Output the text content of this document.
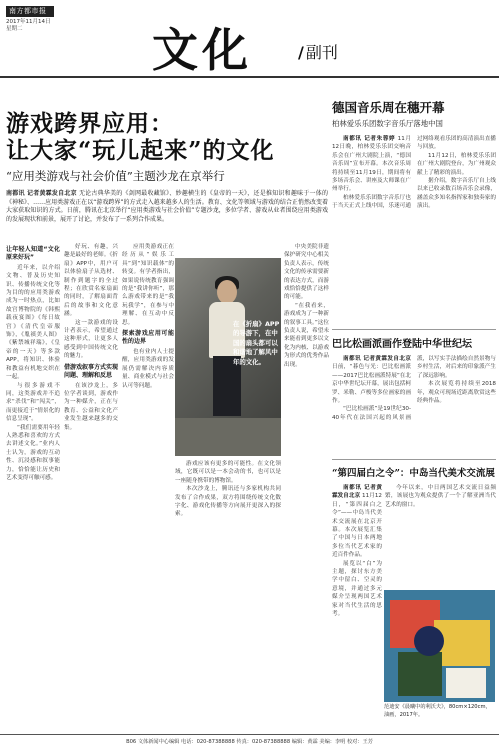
南方都市报
2017年11月14日
星期二	文化	/ 副刊
游戏跨界应用：
让大家“玩儿起来”的文化
“应用类游戏与社会价值”主题沙龙在京举行
南都讯 记者黄霖发自北京 无论古典华美的《剑网最收藏馆》、妙趣横生的《皇帝的一天》，还是推知识和趣味于一体的《神秘》、……应用类游戏正在以“游戏跨界”的方式走入越来越多人的生活。教育、文化等领域与游戏的结合正悄然改变着大家获取知识的方式。日前，腾讯在北京举行“应用类游戏与社会价值”专题沙龙，多位学者、游戏从业者围绕应用类游戏的发展现状和前景，展开了讨论，并发布了一系列合作成果。
让年轻人知道“文化原来好玩”

近年来，以介绍文物、普及历史知识、传播传统文化等为目的的应用类游戏成为一时热点，比如故宫博物院的《韩熙载夜宴图》《每日故宫》《清代皇帝服饰》，《胤禛美人图》《紫禁城祥瑞》，《皇帝的一天》等多款APP，将知识、体验和教益有机地交织在一起。

与很多游戏不同，这类游戏并不追求“杀伐”和“闯关”，而更接近于“情景化的信息呈现”。

“我们需要用年轻人熟悉和喜欢的方式去讲述文化。”业内人士认为，游戏的互动性、沉浸感和叙事能力，恰恰能让历史和艺术变得可触可感。

好玩、有趣，兴趣是最好的老师。《折扇》APP中，用户可以体验扇子从选材、制作到题字的全过程；在欣赏名家扇面的同时，了解扇面背后的故事和文化意涵。

这一款游戏的设计者表示，希望通过这种形式，让更多人感受到中国传统文化的魅力。

借游戏叙事方式实现 问题、理解和反思

在该沙龙上，多位学者谈到，游戏作为一种媒介，正在与教育、公益和文化产业发生越来越多的交集。

应用类游戏正在经历从“娱乐工具”到“知识载体”的转变。有学者指出，如果说传统教育强调的是“我讲你听”，那么游戏带来的是“我玩我学”，在参与中理解、在互动中反思。

探索游戏应用可能性的边界

也有业内人士提醒，应用类游戏的发展仍需解决内容质量、商业模式与社会认可等问题。

在《折扇》APP的导游下，在中国的扇头都可以和谐地了解风中年的文化。

游戏应该有更多的可能性。在文化领域，它既可以是一本会动的书，也可以是一座随身携带的博物馆。

本次沙龙上，腾讯还与多家机构共同发布了合作成果，双方将围绕传统文化数字化、游戏化传播等方向展开更深入的探索。

中央美院非遗保护研究中心相关负责人表示，传统文化的传承需要新的表达方式，而游戏恰恰提供了这样的可能。

“在我看来，游戏成为了一种新的叙事工具。”这位负责人说，希望未来能看到更多以文化为内核、以游戏为形式的优秀作品出现。

德国音乐周在穗开幕
柏林爱乐乐团数字音乐厅落地中国

南都讯 记者朱蓉婷 11月12日晚，柏林爱乐乐团交响音乐会在广州大剧院上演，“德国音乐周”宣布开幕。本次音乐周将持续至11月19日，期间将有多场音乐会、讲座及大师课在广州举行。

柏林爱乐乐团数字音乐厅也于当天正式上线中国，乐迷可通过网络观看乐团的高清演出直播与回放。

11月12日，柏林爱乐乐团在广州大剧院登台，为广州观众献上了精彩的演出。

据介绍，数字音乐厅自上线以来已收录数百场音乐会录像，涵盖众多知名指挥家和独奏家的演出。

巴比松画派画作登陆中华世纪坛

南都讯 记者黄霖发自北京 日前，“暮色与光：巴比松画派——2017巴比松画派特展”在北京中华世纪坛开幕，展出包括柯罗、米勒、卢梭等多位画家的画作。

“巴比松画派”是19世纪30-40年代在法国兴起的风景画派，以写实手法描绘自然景物与乡村生活，对后来的印象派产生了深远影响。

本次展览将持续至2018年，观众可现场近距离欣赏这些经典作品。

“第四届白之令”：中岛当代美术交流展

南都讯 记者黄霖发自北京 11月12日，“第四届白之令”——中岛当代美术交流展在北京开幕。本次展览汇集了中国与日本两地多位当代艺术家的近百件作品。

展览以“白”为主题，探讨东方美学中留白、空灵的意境，并通过多元媒介呈现两国艺术家对当代生活的思考。

今年以来，中日两国艺术交流日益频繁，该展也为观众提供了一个了解亚洲当代艺术的窗口。

范迪安《晨曦中的利沃夫》，80cm×120cm，油画，2017年。
B06 文体新闻中心编辑 电话：020-87388888 传真：020-87388888 编辑：黄霖 美编：李明 校对：王芳
